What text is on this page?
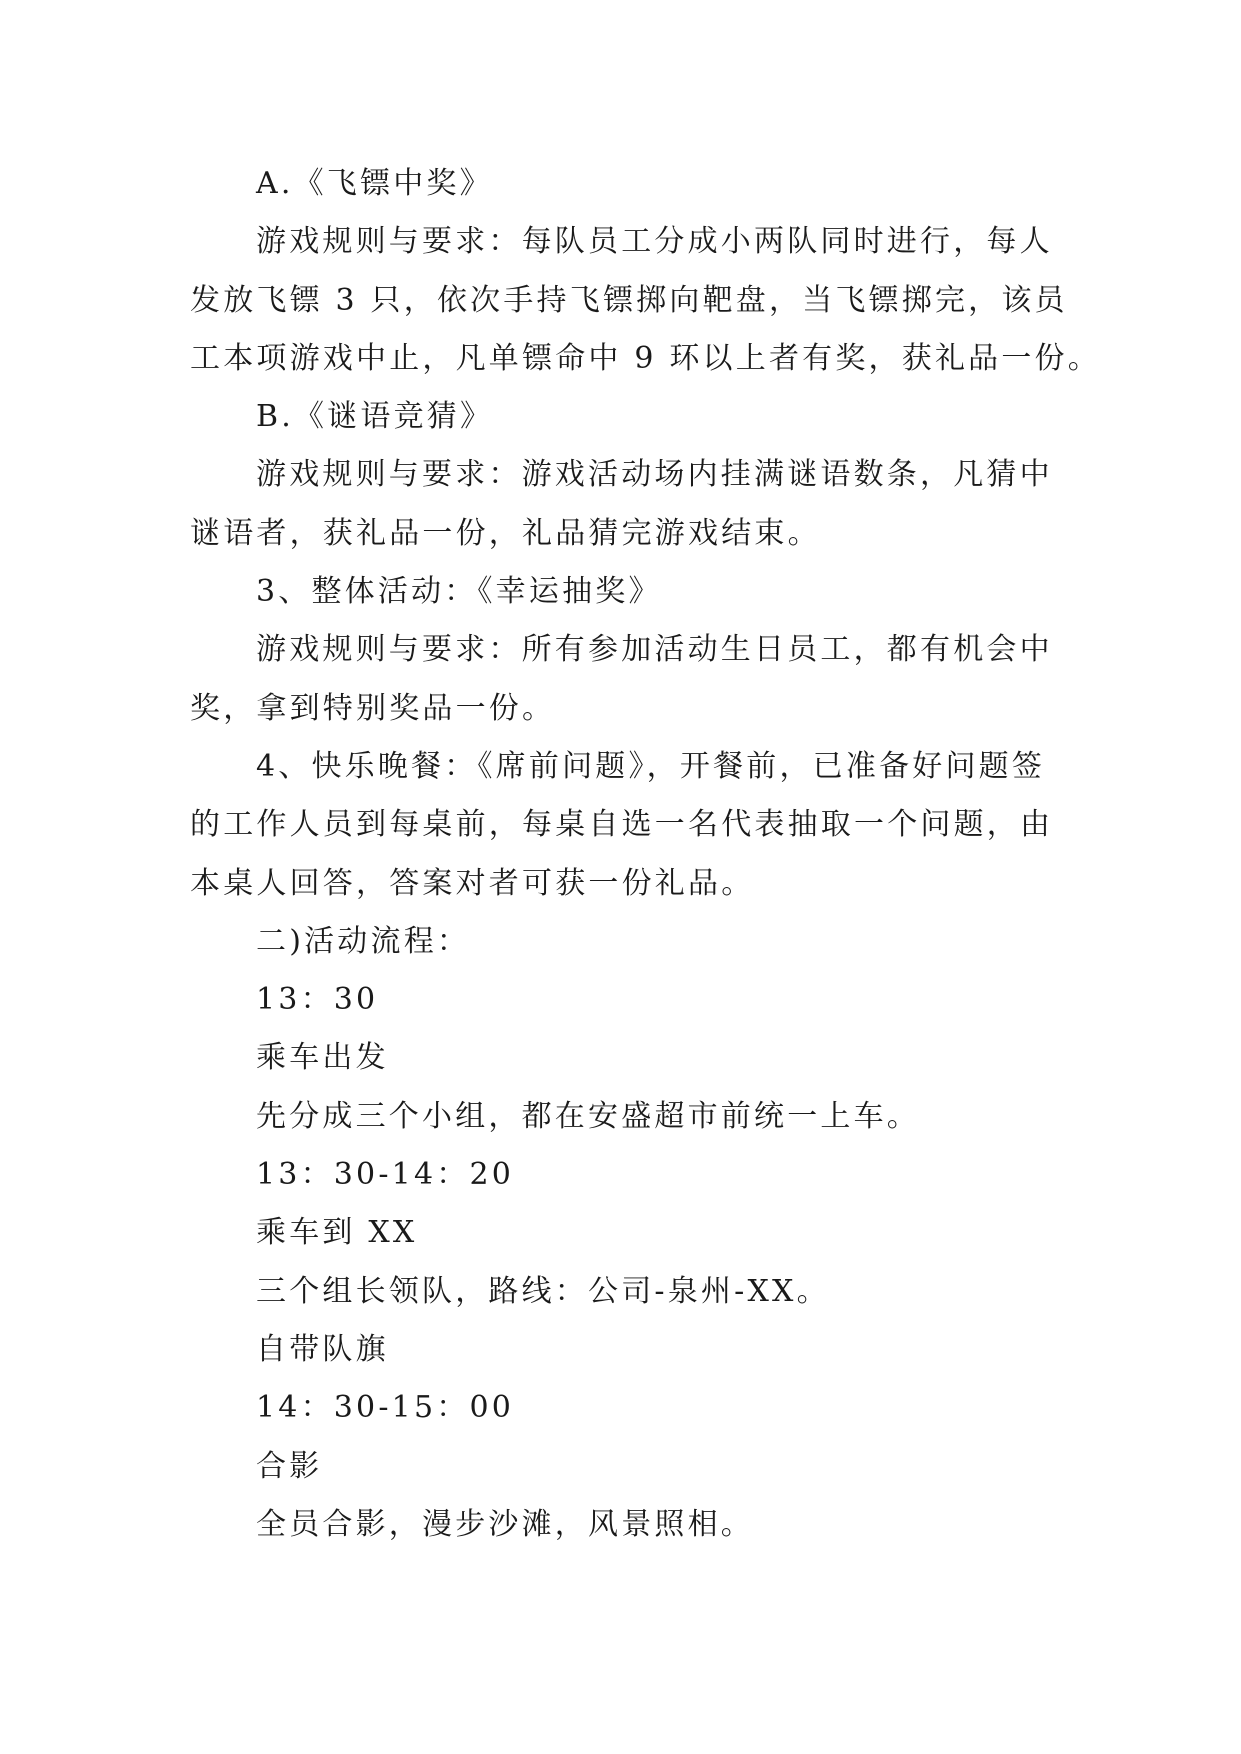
A.《飞镖中奖》
游戏规则与要求：每队员工分成小两队同时进行，每人
发放飞镖 3 只，依次手持飞镖掷向靶盘，当飞镖掷完，该员
工本项游戏中止，凡单镖命中 9 环以上者有奖，获礼品一份。
B.《谜语竞猜》
游戏规则与要求：游戏活动场内挂满谜语数条，凡猜中
谜语者，获礼品一份，礼品猜完游戏结束。
3、整体活动：《幸运抽奖》
游戏规则与要求：所有参加活动生日员工，都有机会中
奖，拿到特别奖品一份。
4、快乐晚餐：《席前问题》，开餐前，已准备好问题签
的工作人员到每桌前，每桌自选一名代表抽取一个问题，由
本桌人回答，答案对者可获一份礼品。
二)活动流程：
13：30
乘车出发
先分成三个小组，都在安盛超市前统一上车。
13：30-14：20
乘车到 XX
三个组长领队，路线：公司-泉州-XX。
自带队旗
14：30-15：00
合影
全员合影，漫步沙滩，风景照相。
